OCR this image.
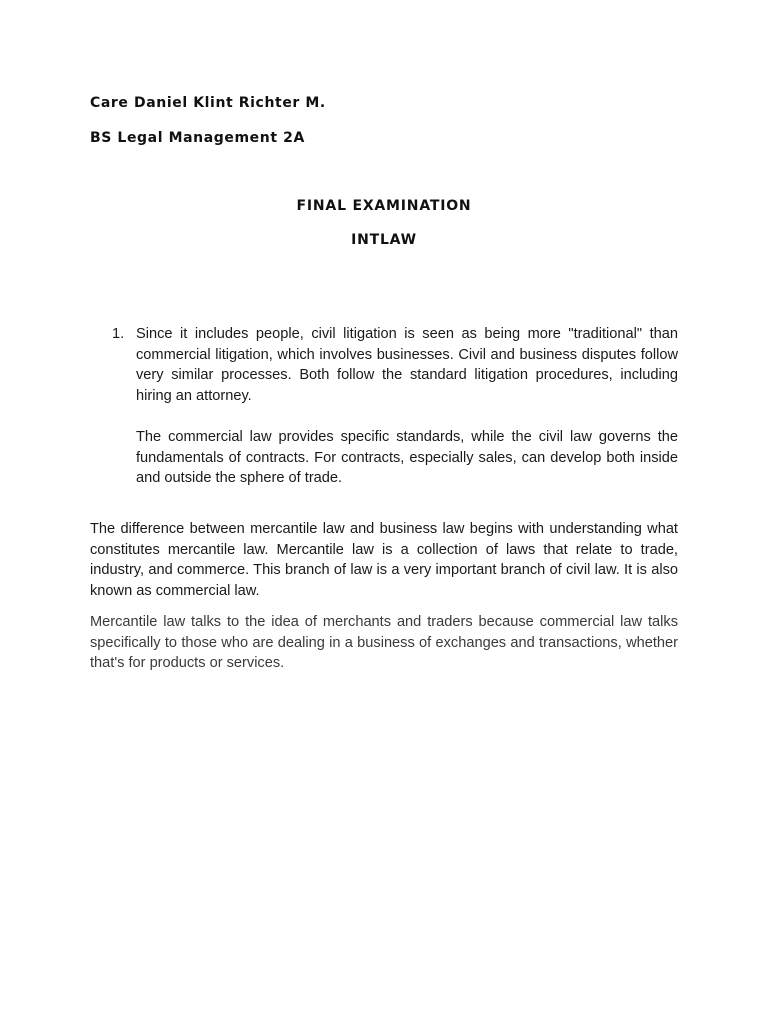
Care Daniel Klint Richter M.
BS Legal Management 2A
FINAL EXAMINATION
INTLAW
1. Since it includes people, civil litigation is seen as being more "traditional" than commercial litigation, which involves businesses. Civil and business disputes follow very similar processes. Both follow the standard litigation procedures, including hiring an attorney.

The commercial law provides specific standards, while the civil law governs the fundamentals of contracts. For contracts, especially sales, can develop both inside and outside the sphere of trade.

The difference between mercantile law and business law begins with understanding what constitutes mercantile law. Mercantile law is a collection of laws that relate to trade, industry, and commerce. This branch of law is a very important branch of civil law. It is also known as commercial law.

Mercantile law talks to the idea of merchants and traders because commercial law talks specifically to those who are dealing in a business of exchanges and transactions, whether that's for products or services.
